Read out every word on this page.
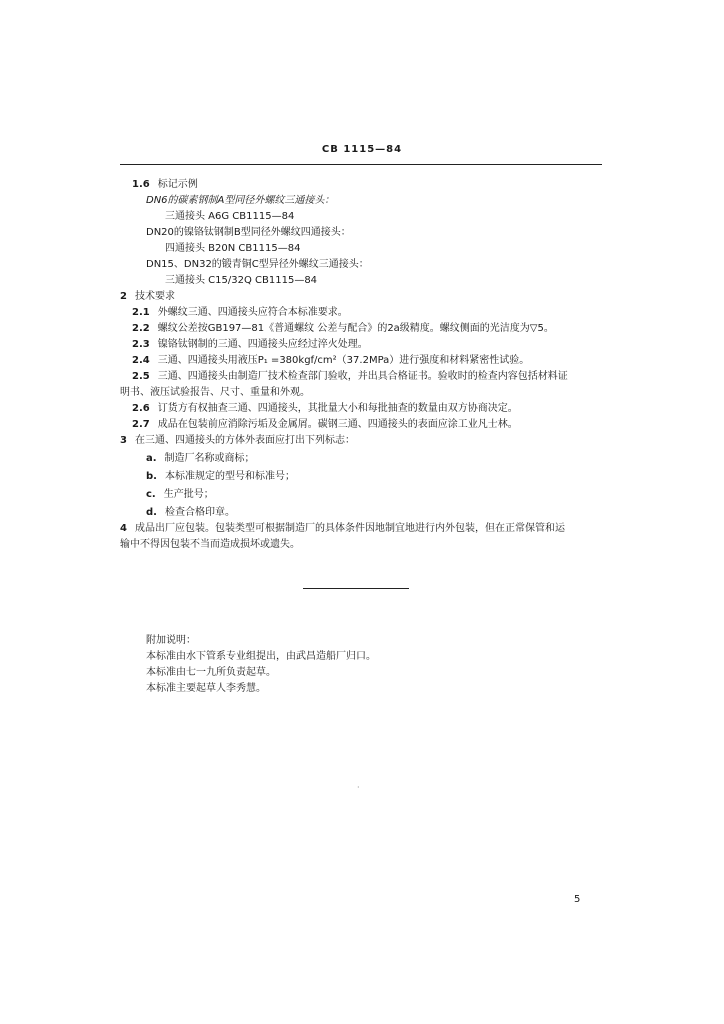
CB 1115—84
1.6 标记示例
DN6的碳素钢制A型同径外螺纹三通接头：
三通接头 A6G CB1115—84
DN20的镍铬钛钢制B型同径外螺纹四通接头：
四通接头 B20N CB1115—84
DN15、DN32的锻青铜C型异径外螺纹三通接头：
三通接头 C15/32Q CB1115—84
2 技术要求
2.1 外螺纹三通、四通接头应符合本标准要求。
2.2 螺纹公差按GB197—81《普通螺纹 公差与配合》的2a级精度。螺纹侧面的光洁度为▽5。
2.3 镍铬钛钢制的三通、四通接头应经过淬火处理。
2.4 三通、四通接头用液压P₁ =380kgf/cm²（37.2MPa）进行强度和材料紧密性试验。
2.5 三通、四通接头由制造厂技术检查部门验收，并出具合格证书。验收时的检查内容包括材料证
明书、液压试验报告、尺寸、重量和外观。
2.6 订货方有权抽查三通、四通接头，其批量大小和每批抽查的数量由双方协商决定。
2.7 成品在包装前应消除污垢及金属屑。碳钢三通、四通接头的表面应涂工业凡士林。
3 在三通、四通接头的方体外表面应打出下列标志：
a. 制造厂名称或商标；
b. 本标准规定的型号和标准号；
c. 生产批号；
d. 检查合格印章。
4 成品出厂应包装。包装类型可根据制造厂的具体条件因地制宜地进行内外包装，但在正常保管和运
输中不得因包装不当而造成损坏或遗失。
附加说明：
本标准由水下管系专业组提出，由武昌造船厂归口。
本标准由七一九所负责起草。
本标准主要起草人李秀慧。
·
5
